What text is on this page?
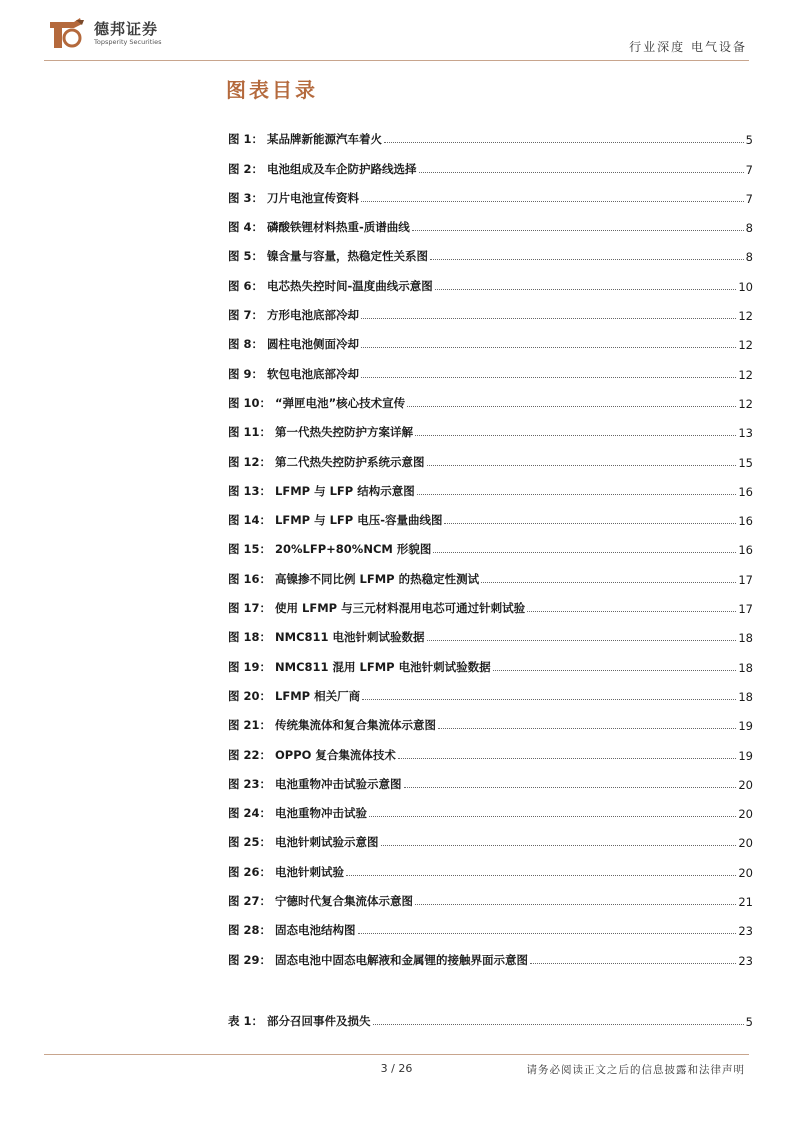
德邦证券
Topsperity Securities	行业深度 电气设备
图表目录
图 1： 某品牌新能源汽车着火	5
图 2： 电池组成及车企防护路线选择	7
图 3： 刀片电池宣传资料	7
图 4： 磷酸铁锂材料热重-质谱曲线	8
图 5： 镍含量与容量，热稳定性关系图	8
图 6： 电芯热失控时间-温度曲线示意图	10
图 7： 方形电池底部冷却	12
图 8： 圆柱电池侧面冷却	12
图 9： 软包电池底部冷却	12
图 10： “弹匣电池”核心技术宣传	12
图 11： 第一代热失控防护方案详解	13
图 12： 第二代热失控防护系统示意图	15
图 13： LFMP 与 LFP 结构示意图	16
图 14： LFMP 与 LFP 电压-容量曲线图	16
图 15： 20%LFP+80%NCM 形貌图	16
图 16： 高镍掺不同比例 LFMP 的热稳定性测试	17
图 17： 使用 LFMP 与三元材料混用电芯可通过针刺试验	17
图 18： NMC811 电池针刺试验数据	18
图 19： NMC811 混用 LFMP 电池针刺试验数据	18
图 20： LFMP 相关厂商	18
图 21： 传统集流体和复合集流体示意图	19
图 22： OPPO 复合集流体技术	19
图 23： 电池重物冲击试验示意图	20
图 24： 电池重物冲击试验	20
图 25： 电池针刺试验示意图	20
图 26： 电池针刺试验	20
图 27： 宁德时代复合集流体示意图	21
图 28： 固态电池结构图	23
图 29： 固态电池中固态电解液和金属锂的接触界面示意图	23
表 1： 部分召回事件及损失	5
3 / 26	请务必阅读正文之后的信息披露和法律声明
